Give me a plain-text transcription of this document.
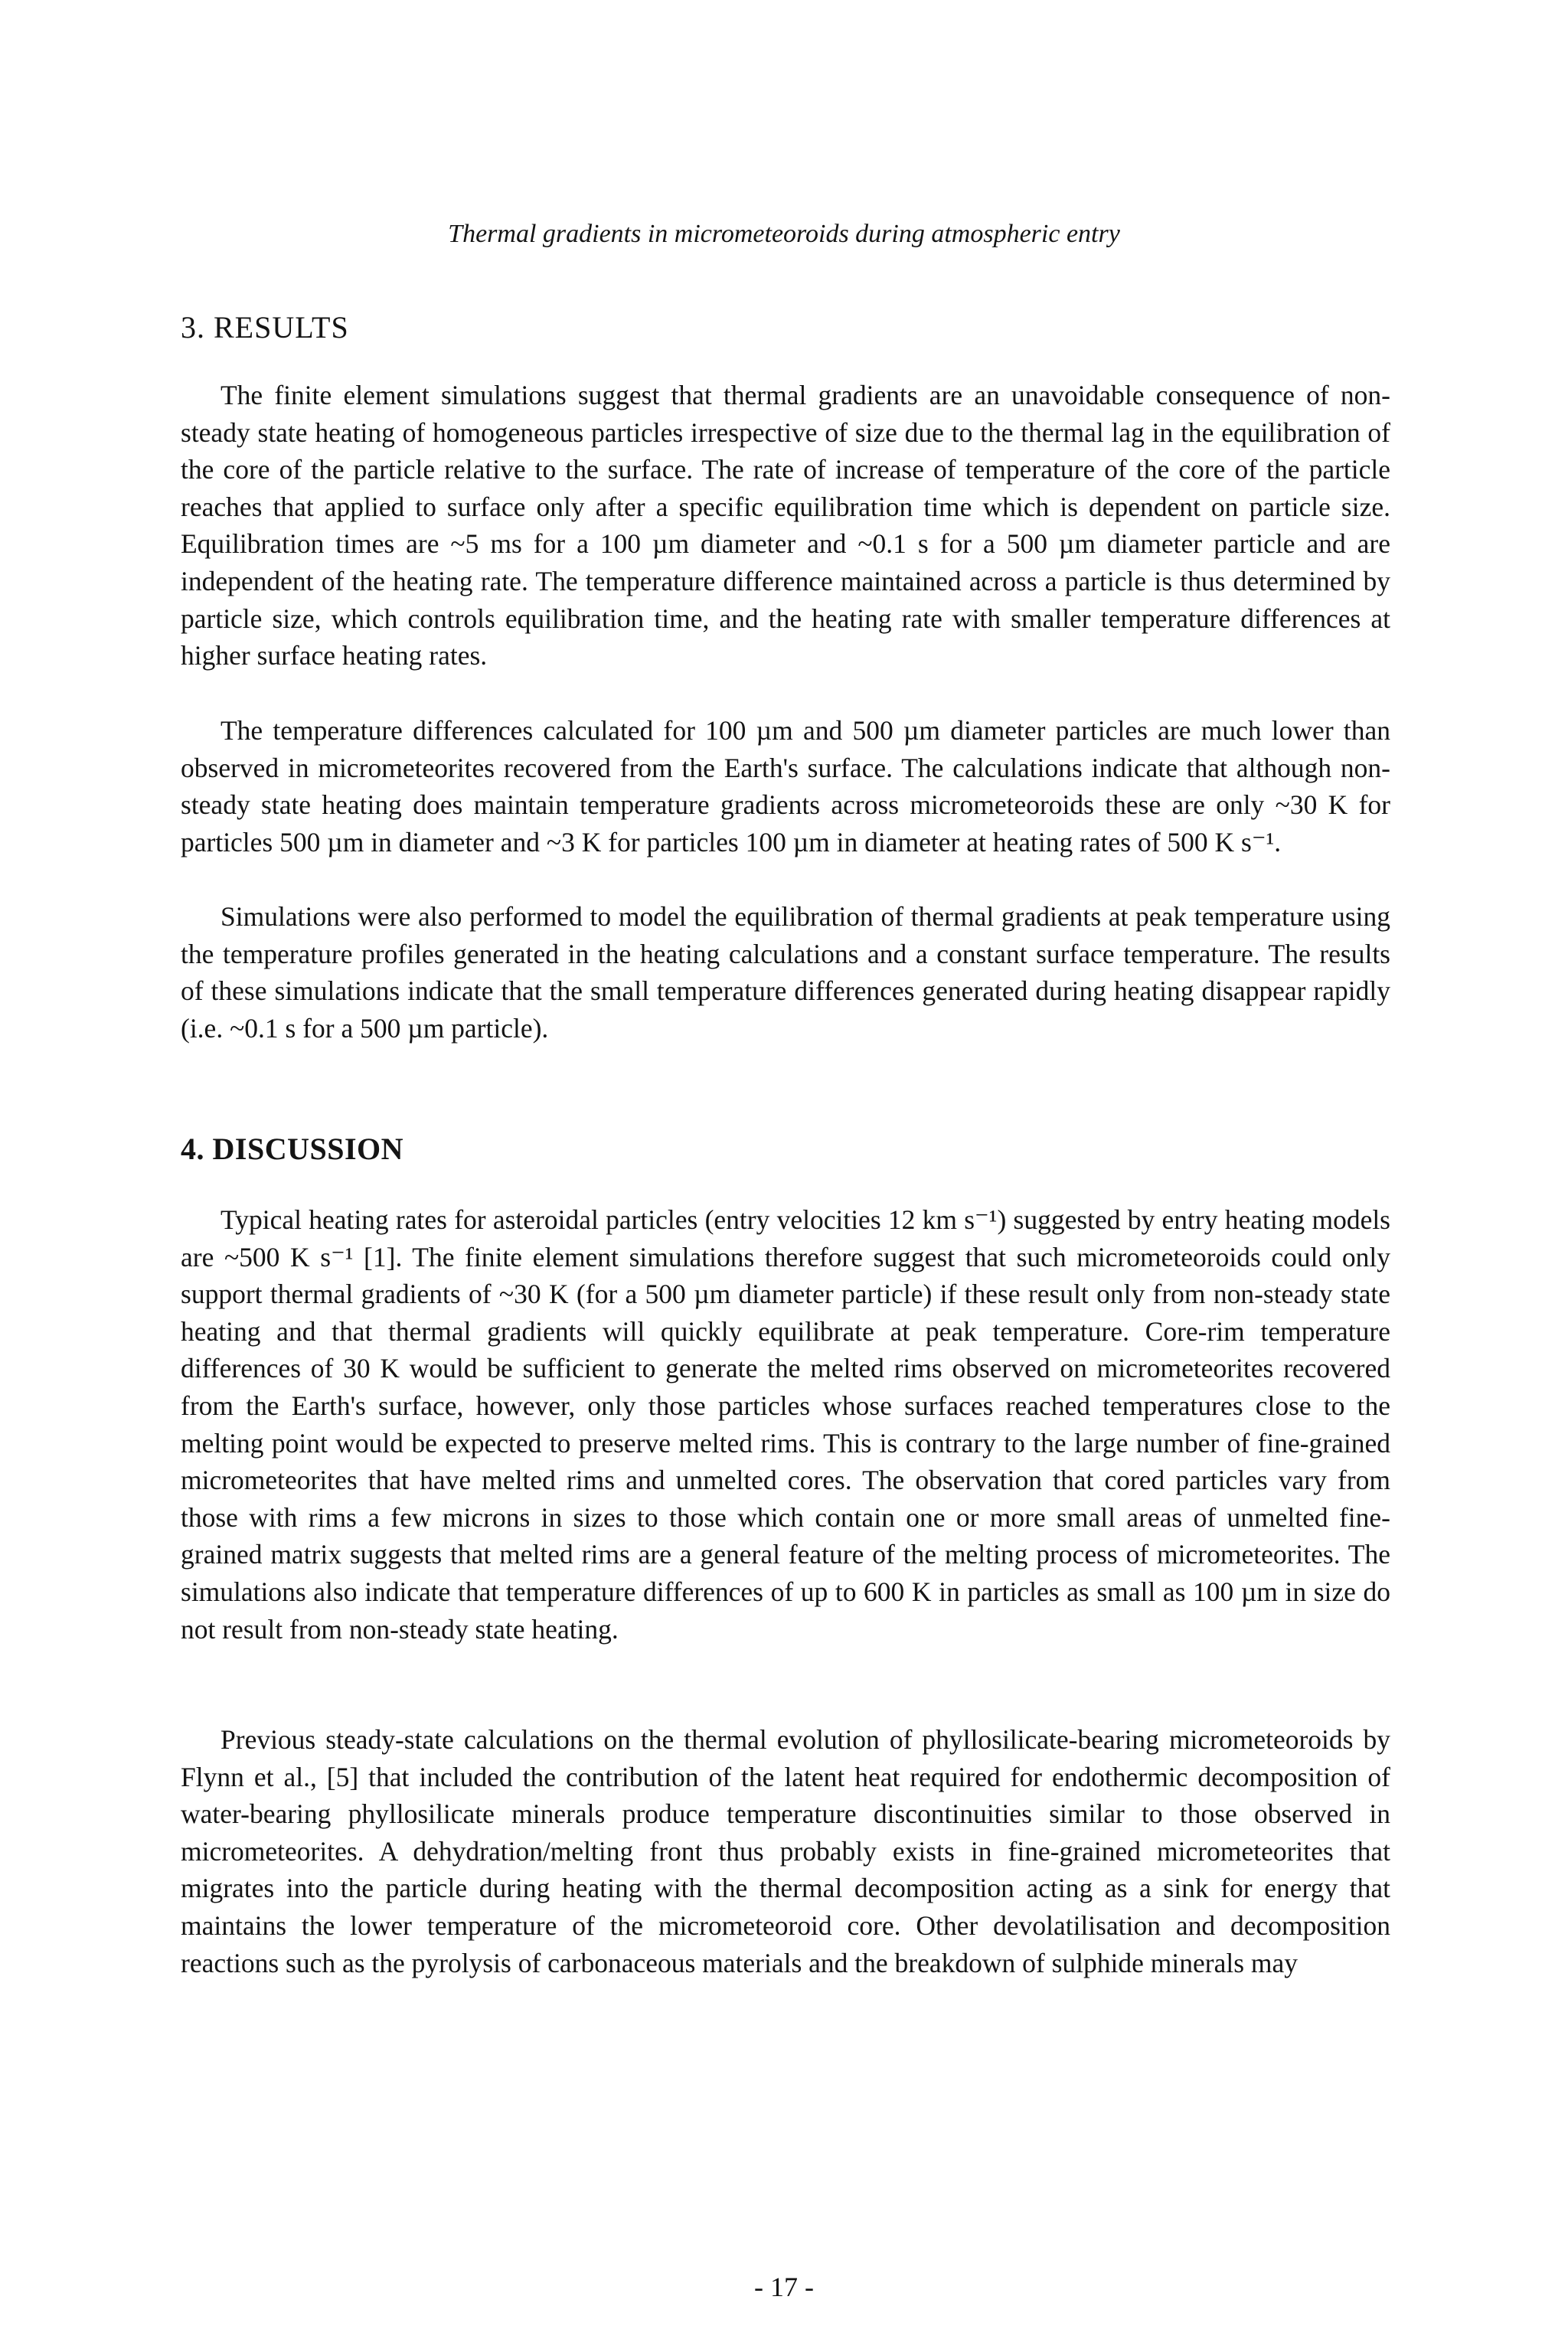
Thermal gradients in micrometeoroids during atmospheric entry

3. RESULTS

The finite element simulations suggest that thermal gradients are an unavoidable consequence of non-steady state heating of homogeneous particles irrespective of size due to the thermal lag in the equilibration of the core of the particle relative to the surface. The rate of increase of temperature of the core of the particle reaches that applied to surface only after a specific equilibration time which is dependent on particle size. Equilibration times are ~5 ms for a 100 µm diameter and ~0.1 s for a 500 µm diameter particle and are independent of the heating rate. The temperature difference maintained across a particle is thus determined by particle size, which controls equilibration time, and the heating rate with smaller temperature differences at higher surface heating rates.

The temperature differences calculated for 100 µm and 500 µm diameter particles are much lower than observed in micrometeorites recovered from the Earth's surface. The calculations indicate that although non-steady state heating does maintain temperature gradients across micrometeoroids these are only ~30 K for particles 500 µm in diameter and ~3 K for particles 100 µm in diameter at heating rates of 500 K s⁻¹.

Simulations were also performed to model the equilibration of thermal gradients at peak temperature using the temperature profiles generated in the heating calculations and a constant surface temperature. The results of these simulations indicate that the small temperature differences generated during heating disappear rapidly (i.e. ~0.1 s for a 500 µm particle).

4. DISCUSSION

Typical heating rates for asteroidal particles (entry velocities 12 km s⁻¹) suggested by entry heating models are ~500 K s⁻¹ [1]. The finite element simulations therefore suggest that such micrometeoroids could only support thermal gradients of ~30 K (for a 500 µm diameter particle) if these result only from non-steady state heating and that thermal gradients will quickly equilibrate at peak temperature. Core-rim temperature differences of 30 K would be sufficient to generate the melted rims observed on micrometeorites recovered from the Earth's surface, however, only those particles whose surfaces reached temperatures close to the melting point would be expected to preserve melted rims. This is contrary to the large number of fine-grained micrometeorites that have melted rims and unmelted cores. The observation that cored particles vary from those with rims a few microns in sizes to those which contain one or more small areas of unmelted fine-grained matrix suggests that melted rims are a general feature of the melting process of micrometeorites. The simulations also indicate that temperature differences of up to 600 K in particles as small as 100 µm in size do not result from non-steady state heating.

Previous steady-state calculations on the thermal evolution of phyllosilicate-bearing micrometeoroids by Flynn et al., [5] that included the contribution of the latent heat required for endothermic decomposition of water-bearing phyllosilicate minerals produce temperature discontinuities similar to those observed in micrometeorites. A dehydration/melting front thus probably exists in fine-grained micrometeorites that migrates into the particle during heating with the thermal decomposition acting as a sink for energy that maintains the lower temperature of the micrometeoroid core. Other devolatilisation and decomposition reactions such as the pyrolysis of carbonaceous materials and the breakdown of sulphide minerals may

- 17 -
